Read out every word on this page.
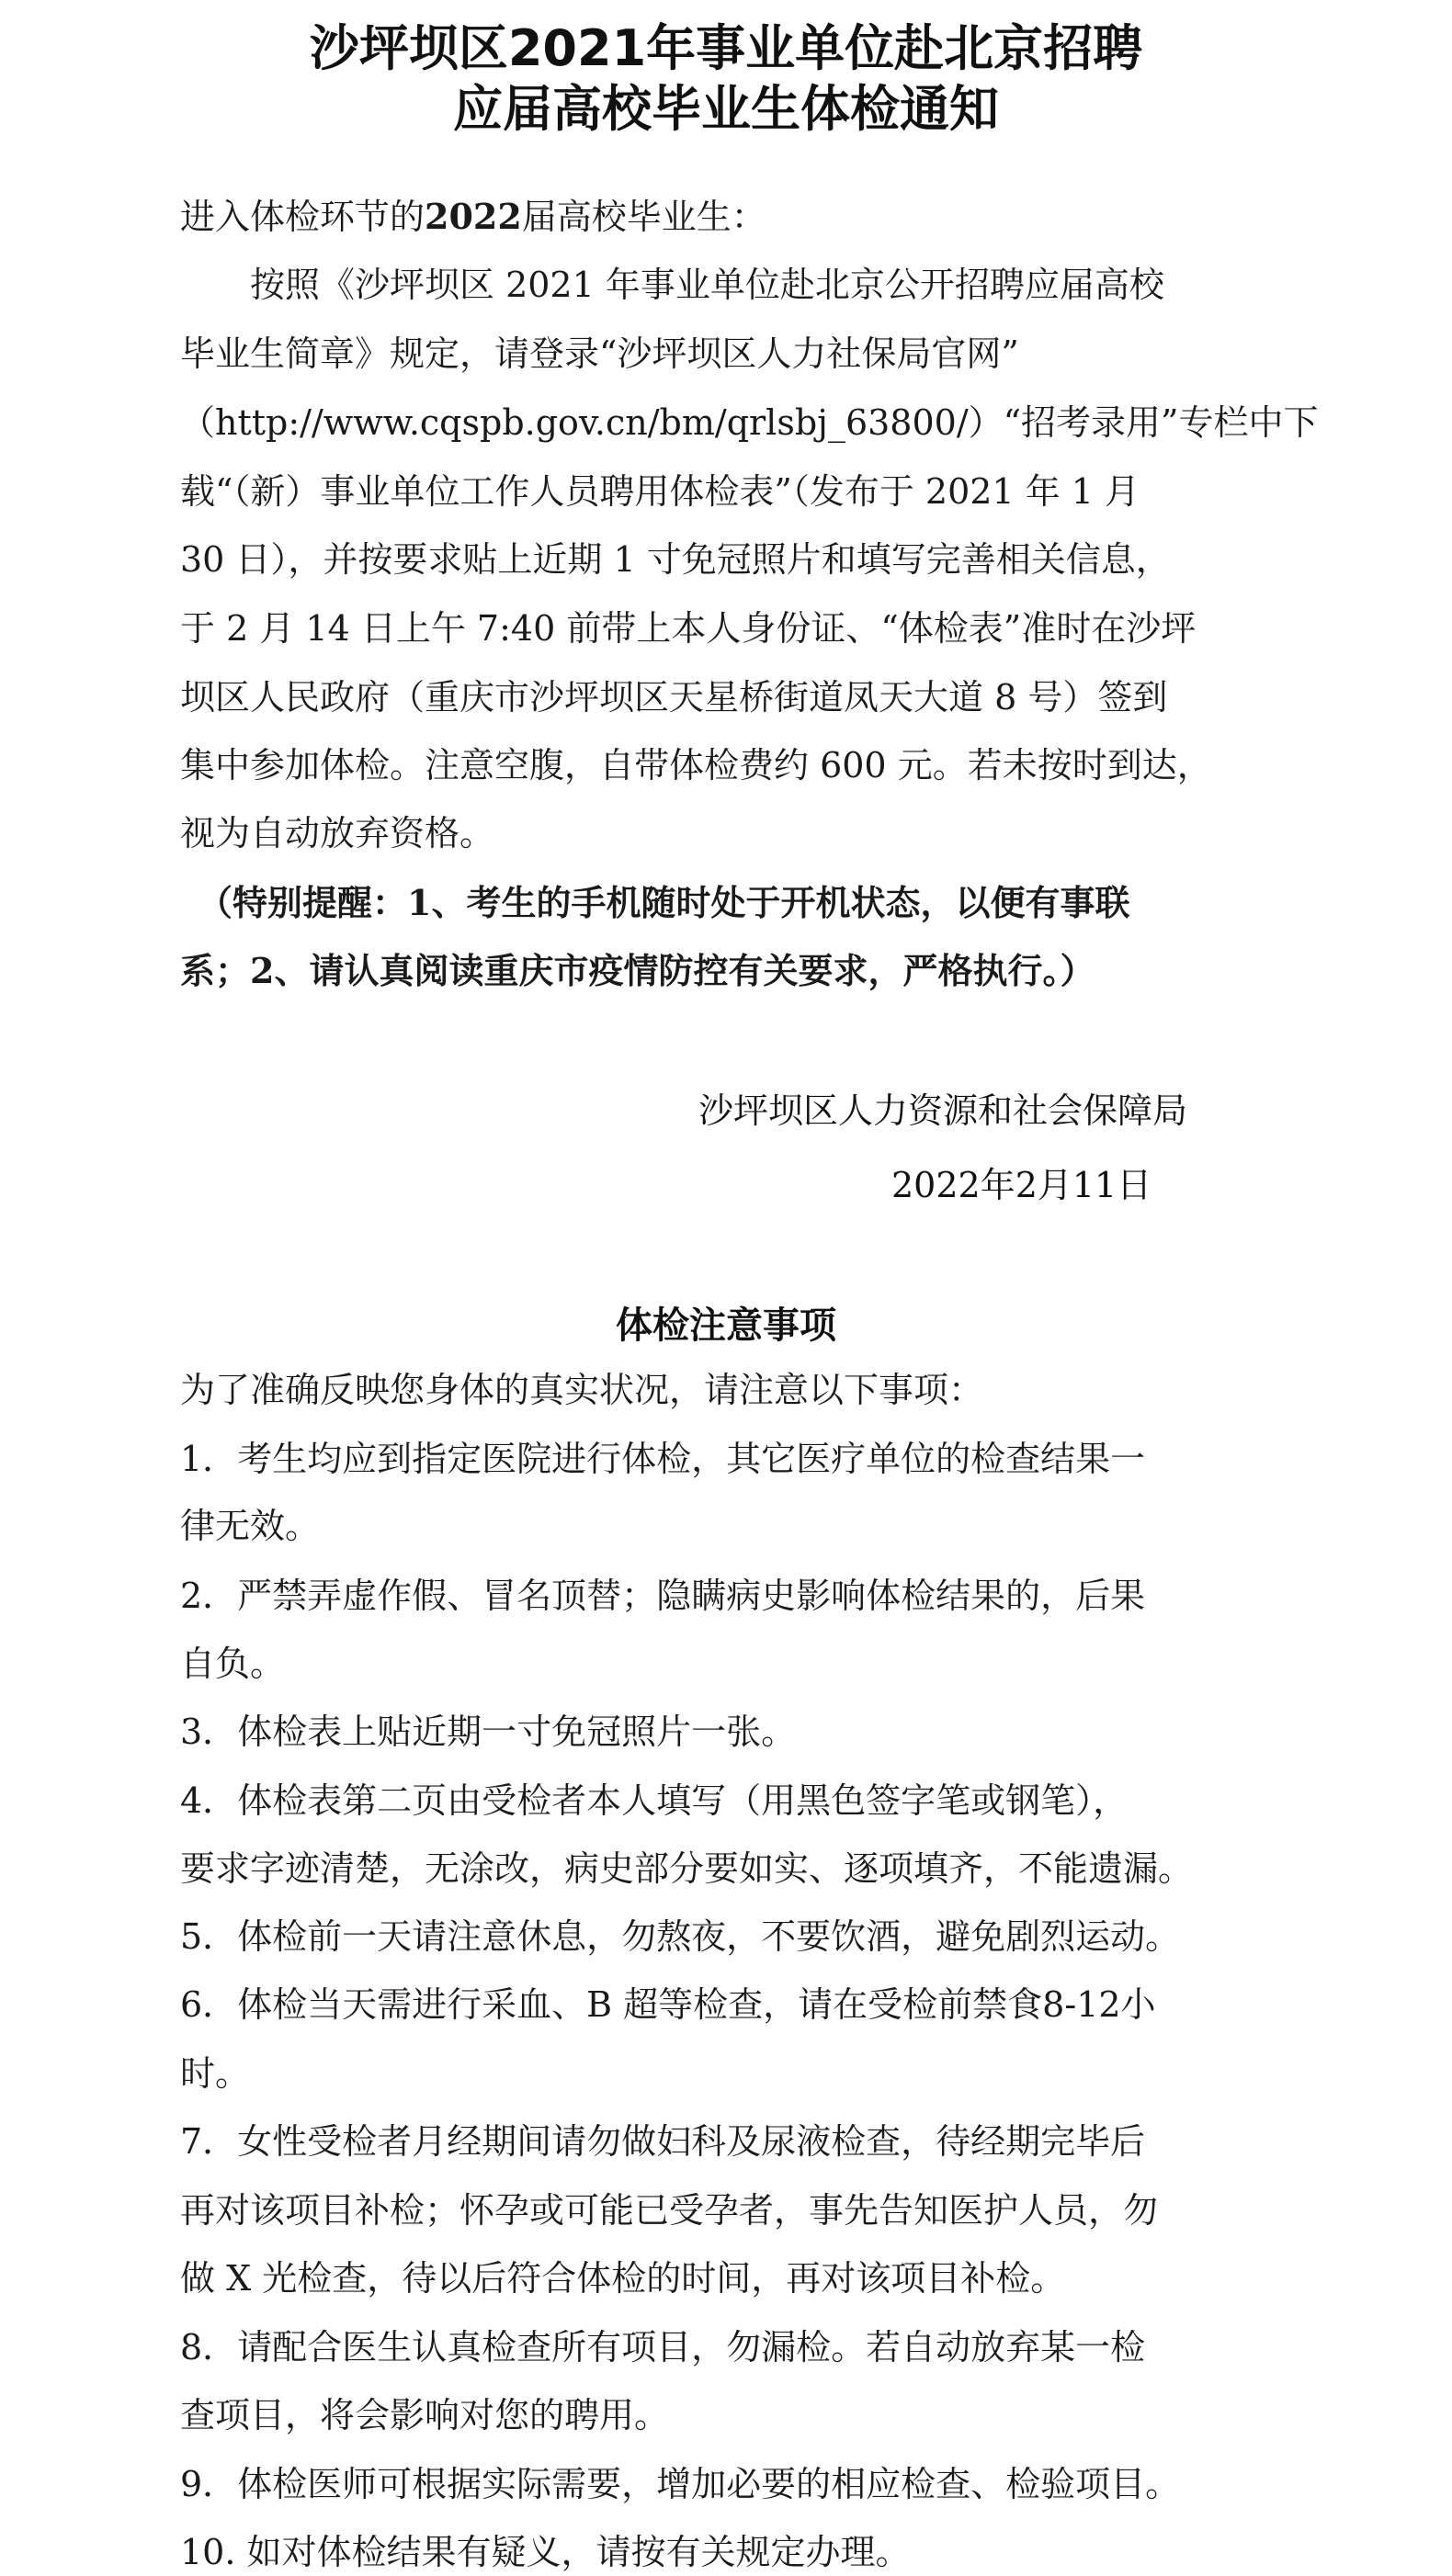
沙坪坝区2021年事业单位赴北京招聘
应届高校毕业生体检通知
进入体检环节的2022届高校毕业生：
　　按照《沙坪坝区 2021 年事业单位赴北京公开招聘应届高校
毕业生简章》规定，请登录“沙坪坝区人力社保局官网”
（http://www.cqspb.gov.cn/bm/qrlsbj_63800/）“招考录用”专栏中下
载“（新）事业单位工作人员聘用体检表”（发布于 2021 年 1 月
30 日），并按要求贴上近期 1 寸免冠照片和填写完善相关信息，
于 2 月 14 日上午 7:40 前带上本人身份证、“体检表”准时在沙坪
坝区人民政府（重庆市沙坪坝区天星桥街道凤天大道 8 号）签到
集中参加体检。注意空腹，自带体检费约 600 元。若未按时到达，
视为自动放弃资格。
　（特别提醒：1、考生的手机随时处于开机状态，以便有事联
系；2、请认真阅读重庆市疫情防控有关要求，严格执行。）
沙坪坝区人力资源和社会保障局
2022年2月11日
体检注意事项
为了准确反映您身体的真实状况，请注意以下事项：
1．考生均应到指定医院进行体检，其它医疗单位的检查结果一
律无效。
2．严禁弄虚作假、冒名顶替；隐瞒病史影响体检结果的，后果
自负。
3．体检表上贴近期一寸免冠照片一张。
4．体检表第二页由受检者本人填写（用黑色签字笔或钢笔），
要求字迹清楚，无涂改，病史部分要如实、逐项填齐，不能遗漏。
5．体检前一天请注意休息，勿熬夜，不要饮酒，避免剧烈运动。
6．体检当天需进行采血、B 超等检查，请在受检前禁食8-12小
时。
7．女性受检者月经期间请勿做妇科及尿液检查，待经期完毕后
再对该项目补检；怀孕或可能已受孕者，事先告知医护人员，勿
做 X 光检查，待以后符合体检的时间，再对该项目补检。
8．请配合医生认真检查所有项目，勿漏检。若自动放弃某一检
查项目，将会影响对您的聘用。
9．体检医师可根据实际需要，增加必要的相应检查、检验项目。
10. 如对体检结果有疑义，请按有关规定办理。
